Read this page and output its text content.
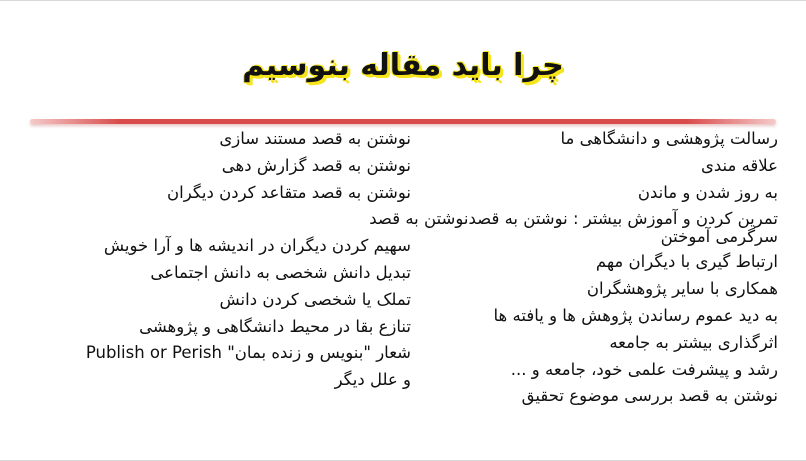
چرا باید مقاله بنوسیم
رسالت پژوهشی و دانشگاهی ما
علاقه مندی
به روز شدن و ماندن
تمرین کردن و آموزش بیشتر : نوشتن به قصدنوشتن به قصد سرگرمی آموختن
ارتباط گیری با دیگران مهم
همکاری با سایر پژوهشگران
به دید عموم رساندن پژوهش ها و یافته ها
اثرگذاری بیشتر به جامعه
رشد و پیشرفت علمی خود، جامعه و ...
نوشتن به قصد بررسی موضوع تحقیق
نوشتن به قصد مستند سازی
نوشتن به قصد گزارش دهی
نوشتن به قصد متقاعد کردن دیگران

سهیم کردن دیگران در اندیشه ها و آرا خویش
تبدیل دانش شخصی به دانش اجتماعی
تملک یا شخصی کردن دانش
تنازع بقا در محیط دانشگاهی و پژوهشی
شعار "بنویس و زنده بمان" Publish or Perish
و علل دیگر
